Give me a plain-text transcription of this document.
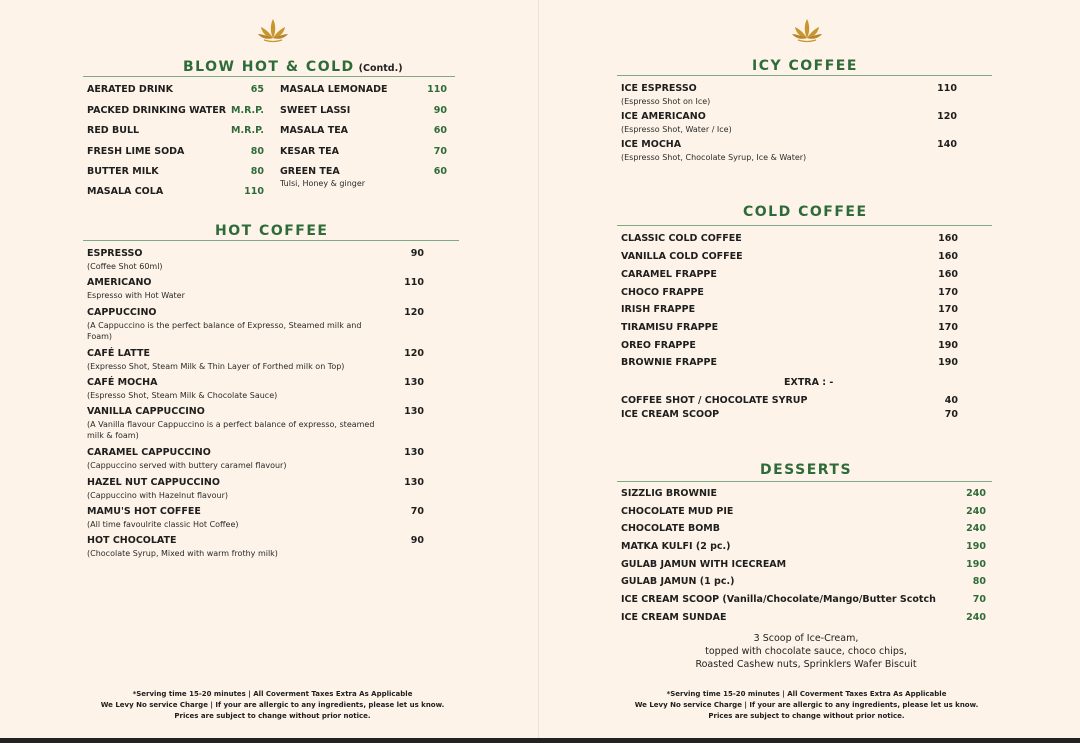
BLOW HOT & COLD (Contd.)
AERATED DRINK	65
PACKED DRINKING WATER M.R.P.
RED BULL	M.R.P.
FRESH LIME SODA	80
BUTTER MILK	80
MASALA COLA	110
MASALA LEMONADE	110
SWEET LASSI	90
MASALA TEA	60
KESAR TEA	70
GREEN TEA	60
Tulsi, Honey & ginger
HOT COFFEE
ESPRESSO	90
(Coffee Shot 60ml)
AMERICANO	110
Espresso with Hot Water
CAPPUCCINO	120
(A Cappuccino is the perfect balance of Expresso, Steamed milk and Foam)
CAFÉ LATTE	120
(Expresso Shot, Steam Milk & Thin Layer of Forthed milk on Top)
CAFÉ MOCHA	130
(Espresso Shot, Steam Milk & Chocolate Sauce)
VANILLA CAPPUCCINO	130
(A Vanilla flavour Cappuccino is a perfect balance of expresso, steamed milk & foam)
CARAMEL CAPPUCCINO	130
(Cappuccino served with buttery caramel flavour)
HAZEL NUT CAPPUCCINO	130
(Cappuccino with Hazelnut flavour)
MAMU'S HOT COFFEE	70
(All time favoulrite classic Hot Coffee)
HOT CHOCOLATE	90
(Chocolate Syrup, Mixed with warm frothy milk)
*Serving time 15-20 minutes | All Coverment Taxes Extra As Applicable
We Levy No service Charge | If your are allergic to any ingredients, please let us know.
Prices are subject to change without prior notice.
ICY COFFEE
ICE ESPRESSO	110
(Espresso Shot on Ice)
ICE AMERICANO	120
(Espresso Shot, Water / Ice)
ICE MOCHA	140
(Espresso Shot, Chocolate Syrup, Ice & Water)
COLD COFFEE
CLASSIC COLD COFFEE	160
VANILLA COLD COFFEE	160
CARAMEL FRAPPE	160
CHOCO FRAPPE	170
IRISH FRAPPE	170
TIRAMISU FRAPPE	170
OREO FRAPPE	190
BROWNIE FRAPPE	190
EXTRA : -
COFFEE SHOT / CHOCOLATE SYRUP	40
ICE CREAM SCOOP	70
DESSERTS
SIZZLIG BROWNIE	240
CHOCOLATE MUD PIE	240
CHOCOLATE BOMB	240
MATKA KULFI (2 pc.)	190
GULAB JAMUN WITH ICECREAM	190
GULAB JAMUN (1 pc.)	80
ICE CREAM SCOOP (Vanilla/Chocolate/Mango/Butter Scotch	70
ICE CREAM SUNDAE	240
3 Scoop of Ice-Cream,
topped with chocolate sauce, choco chips,
Roasted Cashew nuts, Sprinklers Wafer Biscuit
*Serving time 15-20 minutes | All Coverment Taxes Extra As Applicable
We Levy No service Charge | If your are allergic to any ingredients, please let us know.
Prices are subject to change without prior notice.
